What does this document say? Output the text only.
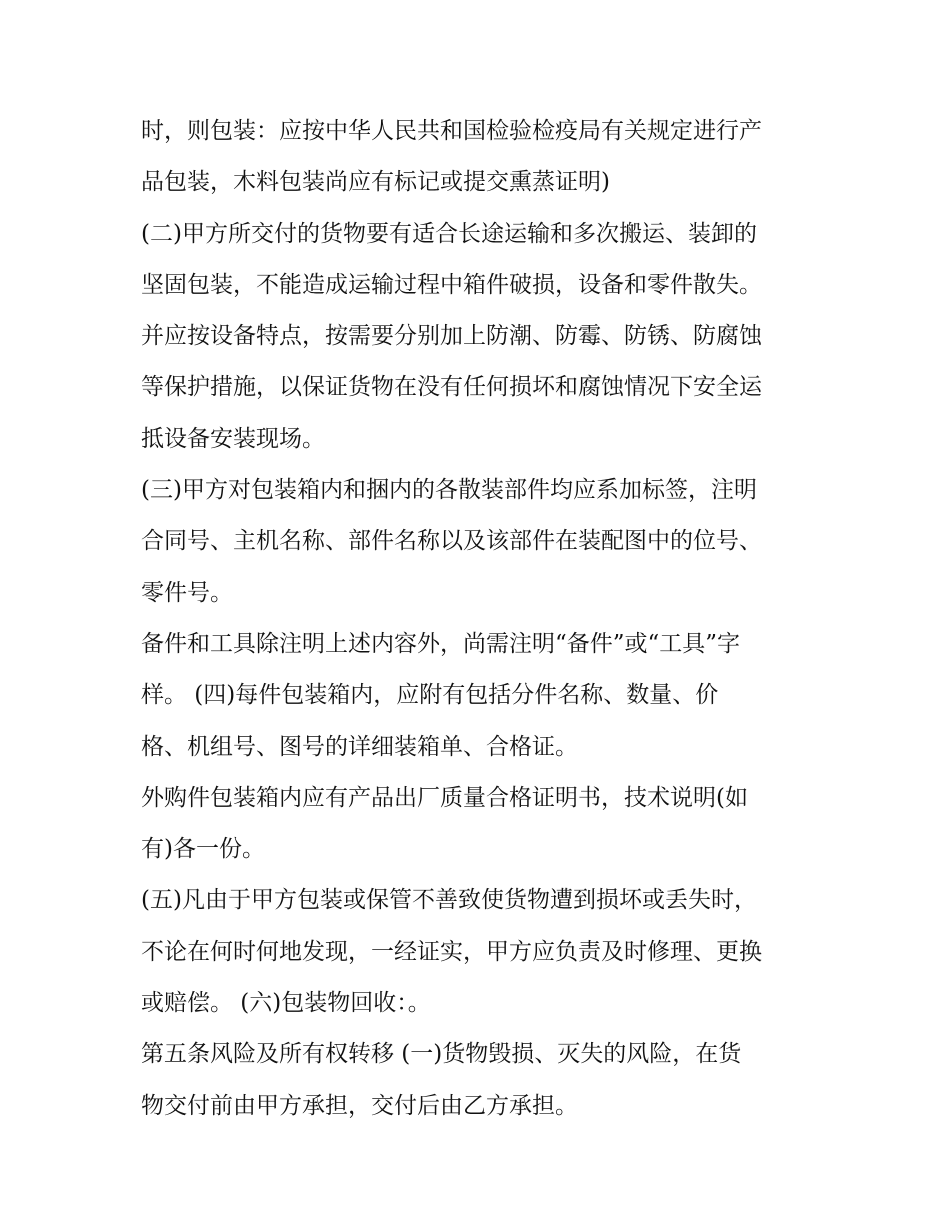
时，则包装：应按中华人民共和国检验检疫局有关规定进行产
品包装，木料包装尚应有标记或提交熏蒸证明)
(二)甲方所交付的货物要有适合长途运输和多次搬运、装卸的
坚固包装，不能造成运输过程中箱件破损，设备和零件散失。
并应按设备特点，按需要分别加上防潮、防霉、防锈、防腐蚀
等保护措施，以保证货物在没有任何损坏和腐蚀情况下安全运
抵设备安装现场。
(三)甲方对包装箱内和捆内的各散装部件均应系加标签，注明
合同号、主机名称、部件名称以及该部件在装配图中的位号、
零件号。
备件和工具除注明上述内容外，尚需注明“备件”或“工具”字
样。 (四)每件包装箱内，应附有包括分件名称、数量、价
格、机组号、图号的详细装箱单、合格证。
外购件包装箱内应有产品出厂质量合格证明书，技术说明(如
有)各一份。
(五)凡由于甲方包装或保管不善致使货物遭到损坏或丢失时，
不论在何时何地发现，一经证实，甲方应负责及时修理、更换
或赔偿。 (六)包装物回收：。
第五条风险及所有权转移 (一)货物毁损、灭失的风险，在货
物交付前由甲方承担，交付后由乙方承担。
